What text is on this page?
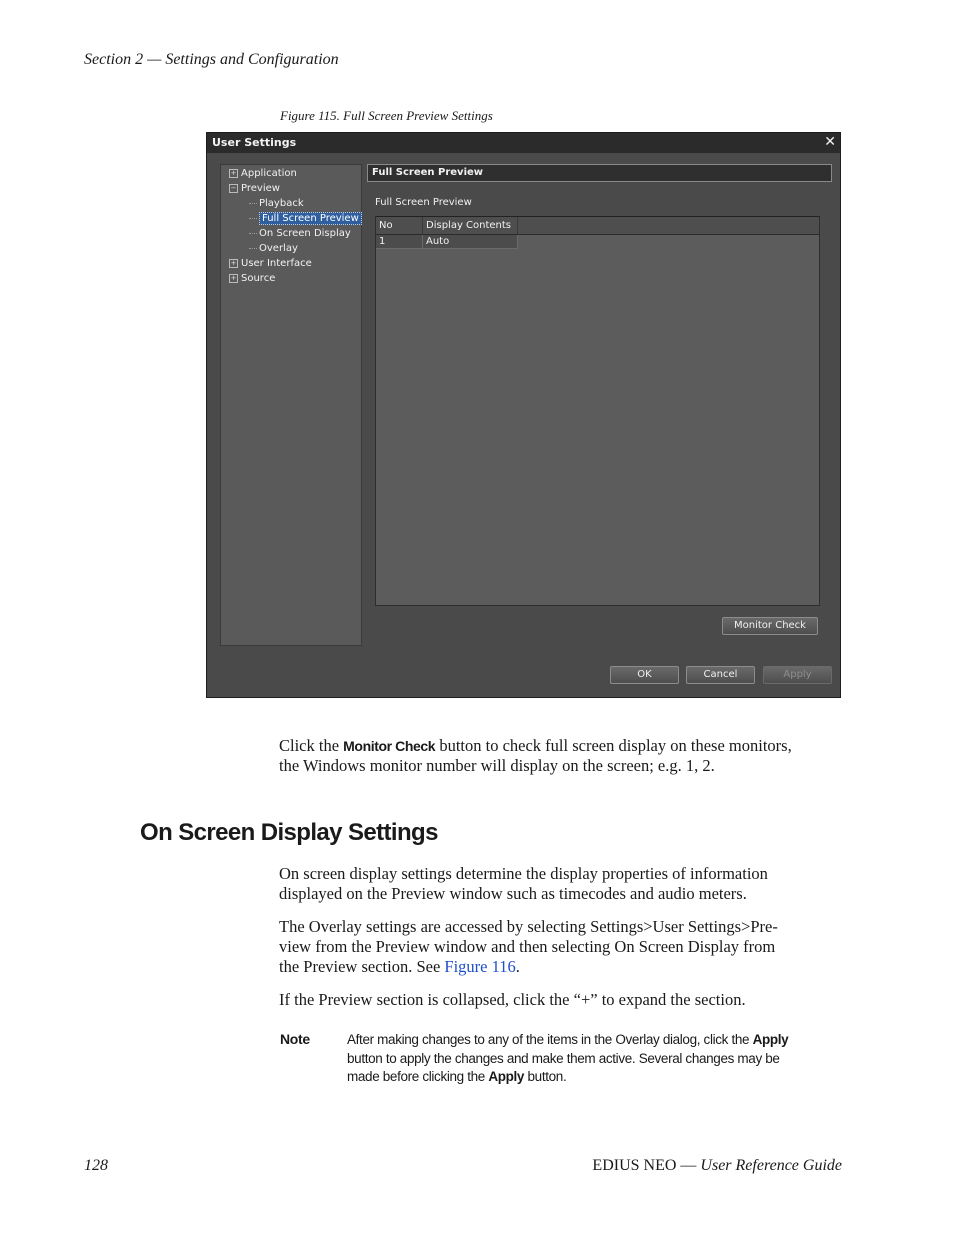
Section 2 — Settings and Configuration
Figure 115. Full Screen Preview Settings
User Settings	✕
+ Application
− Preview
Playback
Full Screen Preview
On Screen Display
Overlay
+ User Interface
+ Source
Full Screen Preview
Full Screen Preview
No	Display Contents
1	Auto
Monitor Check
OK	Cancel	Apply
Click the Monitor Check button to check full screen display on these monitors,
the Windows monitor number will display on the screen; e.g. 1, 2.
On Screen Display Settings
On screen display settings determine the display properties of information
displayed on the Preview window such as timecodes and audio meters.
The Overlay settings are accessed by selecting Settings>User Settings>Pre-
view from the Preview window and then selecting On Screen Display from
the Preview section. See Figure 116.
If the Preview section is collapsed, click the “+” to expand the section.
Note	After making changes to any of the items in the Overlay dialog, click the Apply
button to apply the changes and make them active. Several changes may be
made before clicking the Apply button.
128	EDIUS NEO — User Reference Guide
